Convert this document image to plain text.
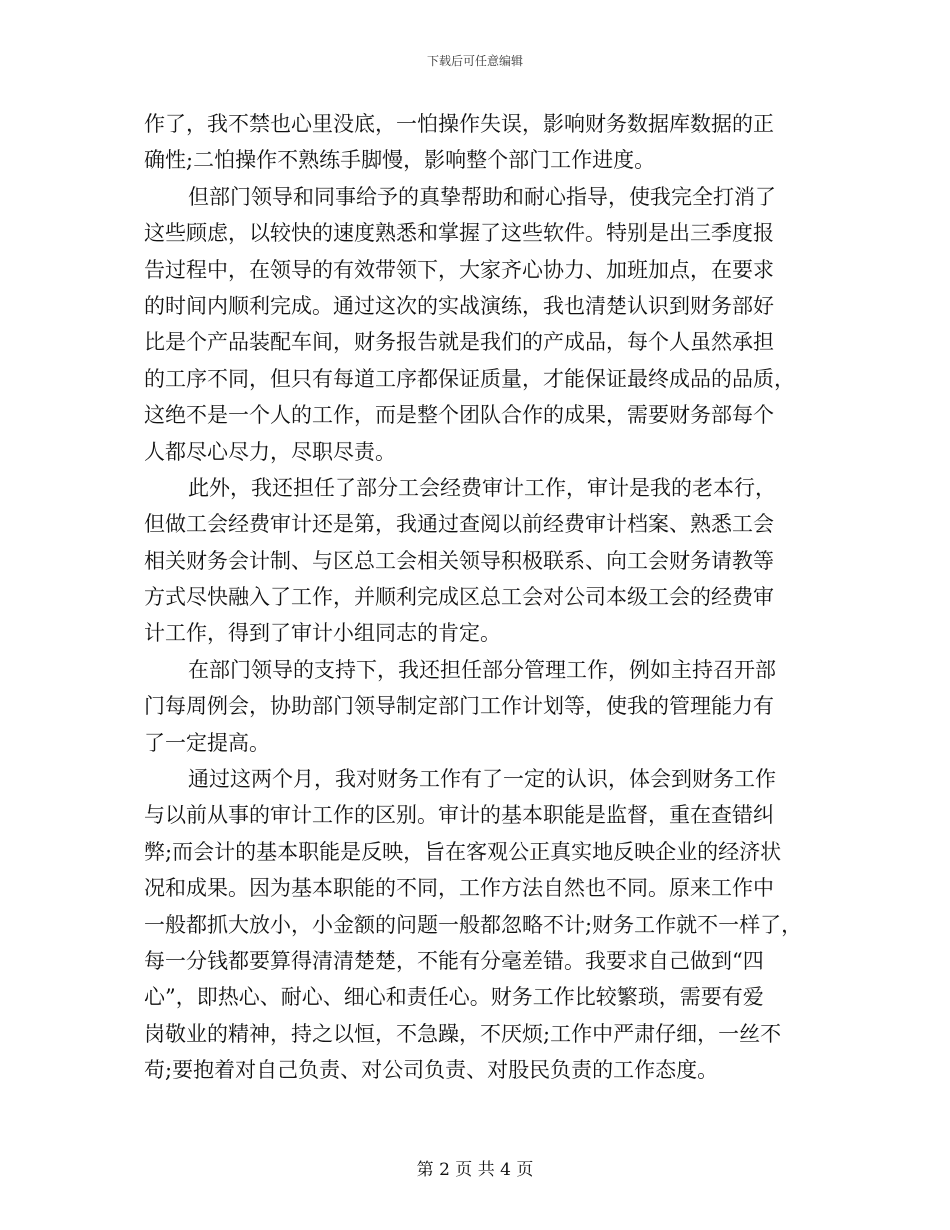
下载后可任意编辑
作了，我不禁也心里没底，一怕操作失误，影响财务数据库数据的正
确性;二怕操作不熟练手脚慢，影响整个部门工作进度。
但部门领导和同事给予的真挚帮助和耐心指导，使我完全打消了
这些顾虑，以较快的速度熟悉和掌握了这些软件。特别是出三季度报
告过程中，在领导的有效带领下，大家齐心协力、加班加点，在要求
的时间内顺利完成。通过这次的实战演练，我也清楚认识到财务部好
比是个产品装配车间，财务报告就是我们的产成品，每个人虽然承担
的工序不同，但只有每道工序都保证质量，才能保证最终成品的品质，
这绝不是一个人的工作，而是整个团队合作的成果，需要财务部每个
人都尽心尽力，尽职尽责。
此外，我还担任了部分工会经费审计工作，审计是我的老本行，
但做工会经费审计还是第，我通过查阅以前经费审计档案、熟悉工会
相关财务会计制、与区总工会相关领导积极联系、向工会财务请教等
方式尽快融入了工作，并顺利完成区总工会对公司本级工会的经费审
计工作，得到了审计小组同志的肯定。
在部门领导的支持下，我还担任部分管理工作，例如主持召开部
门每周例会，协助部门领导制定部门工作计划等，使我的管理能力有
了一定提高。
通过这两个月，我对财务工作有了一定的认识，体会到财务工作
与以前从事的审计工作的区别。审计的基本职能是监督，重在查错纠
弊;而会计的基本职能是反映，旨在客观公正真实地反映企业的经济状
况和成果。因为基本职能的不同，工作方法自然也不同。原来工作中
一般都抓大放小，小金额的问题一般都忽略不计;财务工作就不一样了，
每一分钱都要算得清清楚楚，不能有分毫差错。我要求自己做到“四
心”，即热心、耐心、细心和责任心。财务工作比较繁琐，需要有爱
岗敬业的精神，持之以恒，不急躁，不厌烦;工作中严肃仔细，一丝不
苟;要抱着对自己负责、对公司负责、对股民负责的工作态度。
第 2 页 共 4 页
